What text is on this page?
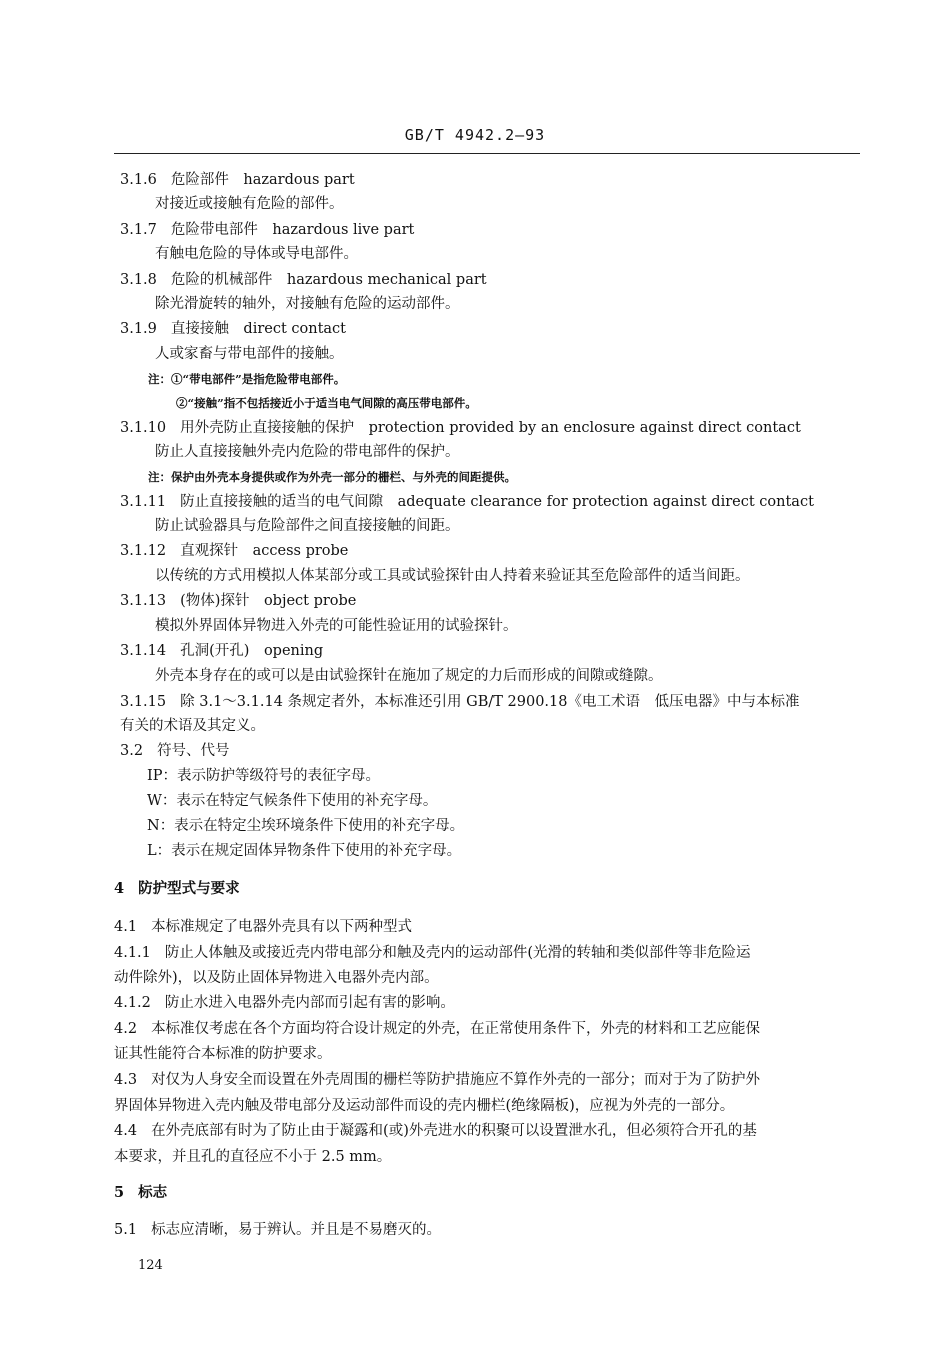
GB/T 4942.2—93
3.1.6 危险部件　hazardous part
对接近或接触有危险的部件。
3.1.7 危险带电部件　hazardous live part
有触电危险的导体或导电部件。
3.1.8 危险的机械部件　hazardous mechanical part
除光滑旋转的轴外，对接触有危险的运动部件。
3.1.9 直接接触　direct contact
人或家畜与带电部件的接触。
注：①“带电部件”是指危险带电部件。
②“接触”指不包括接近小于适当电气间隙的高压带电部件。
3.1.10 用外壳防止直接接触的保护　protection provided by an enclosure against direct contact
防止人直接接触外壳内危险的带电部件的保护。
注：保护由外壳本身提供或作为外壳一部分的栅栏、与外壳的间距提供。
3.1.11 防止直接接触的适当的电气间隙　adequate clearance for protection against direct contact
防止试验器具与危险部件之间直接接触的间距。
3.1.12 直观探针　access probe
以传统的方式用模拟人体某部分或工具或试验探针由人持着来验证其至危险部件的适当间距。
3.1.13 (物体)探针　object probe
模拟外界固体异物进入外壳的可能性验证用的试验探针。
3.1.14 孔洞(开孔)　opening
外壳本身存在的或可以是由试验探针在施加了规定的力后而形成的间隙或缝隙。
3.1.15 除 3.1～3.1.14 条规定者外，本标准还引用 GB/T 2900.18《电工术语　低压电器》中与本标准
有关的术语及其定义。
3.2 符号、代号
IP：表示防护等级符号的表征字母。
W：表示在特定气候条件下使用的补充字母。
N：表示在特定尘埃环境条件下使用的补充字母。
L：表示在规定固体异物条件下使用的补充字母。
4 防护型式与要求
4.1 本标准规定了电器外壳具有以下两种型式
4.1.1 防止人体触及或接近壳内带电部分和触及壳内的运动部件(光滑的转轴和类似部件等非危险运
动件除外)，以及防止固体异物进入电器外壳内部。
4.1.2 防止水进入电器外壳内部而引起有害的影响。
4.2 本标准仅考虑在各个方面均符合设计规定的外壳，在正常使用条件下，外壳的材料和工艺应能保
证其性能符合本标准的防护要求。
4.3 对仅为人身安全而设置在外壳周围的栅栏等防护措施应不算作外壳的一部分；而对于为了防护外
界固体异物进入壳内触及带电部分及运动部件而设的壳内栅栏(绝缘隔板)，应视为外壳的一部分。
4.4 在外壳底部有时为了防止由于凝露和(或)外壳进水的积聚可以设置泄水孔，但必须符合开孔的基
本要求，并且孔的直径应不小于 2.5 mm。
5 标志
5.1 标志应清晰，易于辨认。并且是不易磨灭的。
124
